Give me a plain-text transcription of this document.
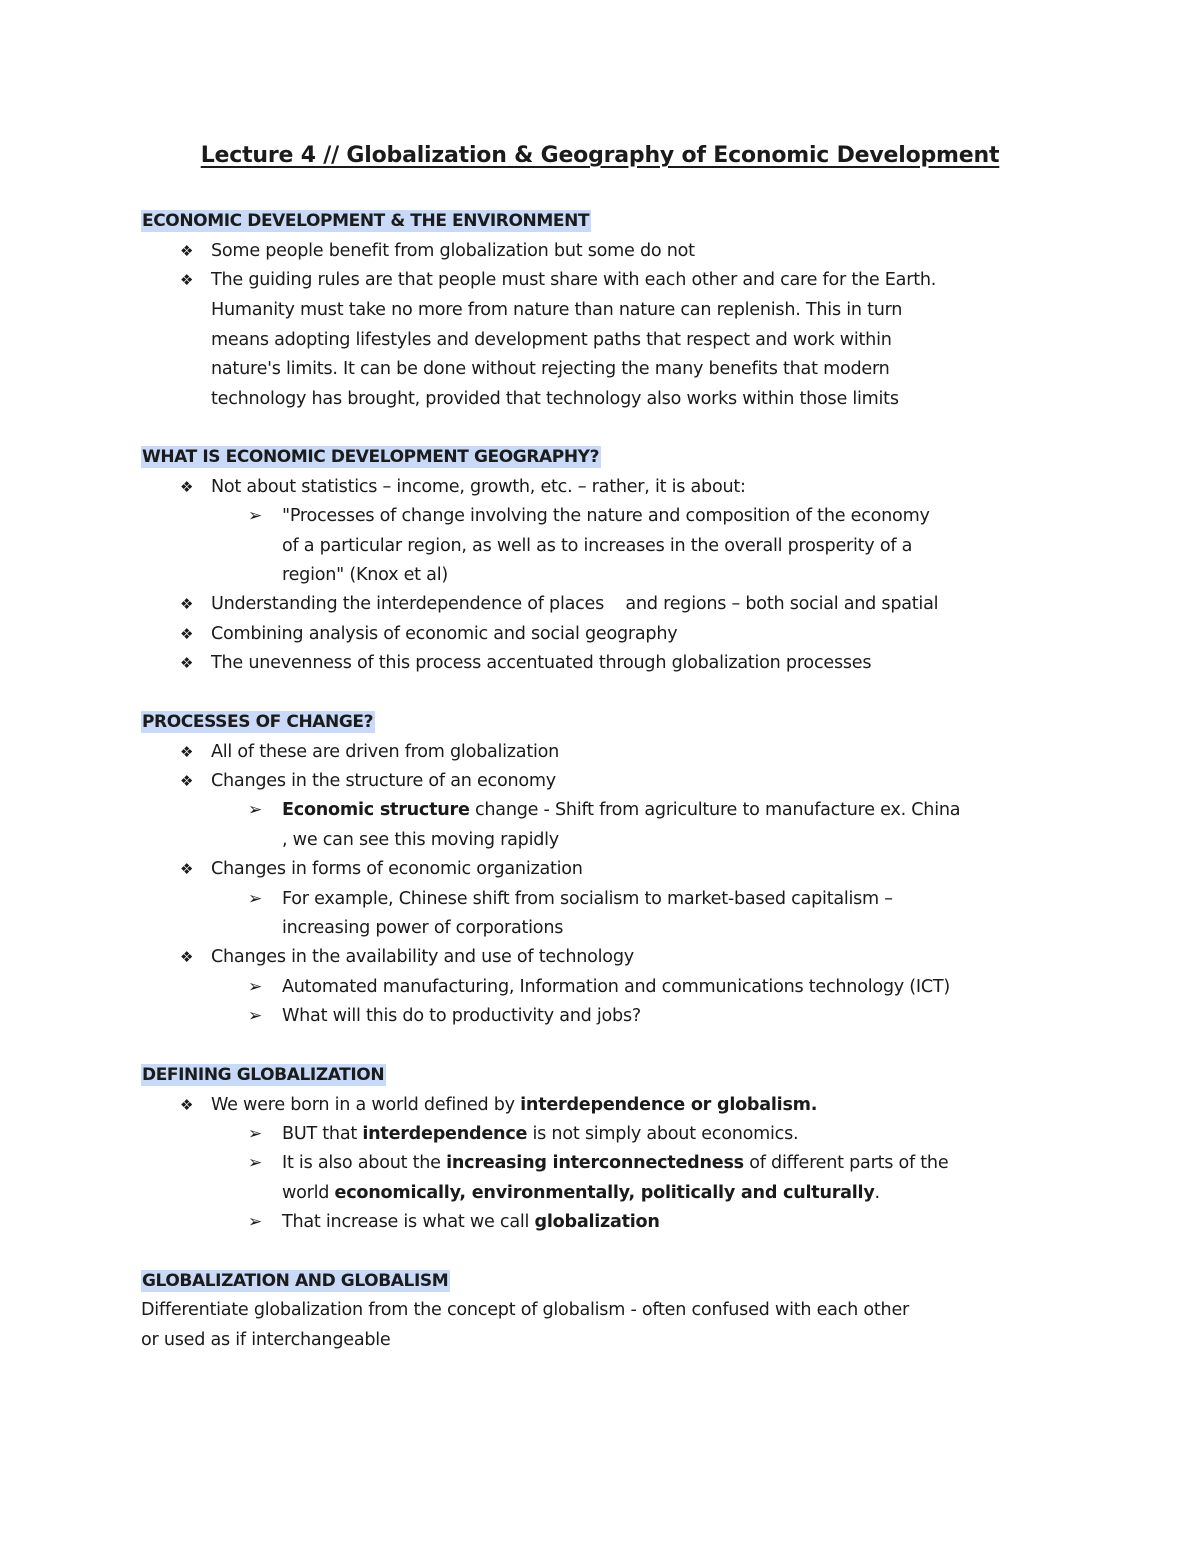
Lecture 4 // Globalization & Geography of Economic Development
ECONOMIC DEVELOPMENT & THE ENVIRONMENT
❖ Some people benefit from globalization but some do not
❖ The guiding rules are that people must share with each other and care for the Earth.
Humanity must take no more from nature than nature can replenish. This in turn
means adopting lifestyles and development paths that respect and work within
nature's limits. It can be done without rejecting the many benefits that modern
technology has brought, provided that technology also works within those limits
WHAT IS ECONOMIC DEVELOPMENT GEOGRAPHY?
❖ Not about statistics – income, growth, etc. – rather, it is about:
➢ "Processes of change involving the nature and composition of the economy
of a particular region, as well as to increases in the overall prosperity of a
region" (Knox et al)
❖ Understanding the interdependence of places    and regions – both social and spatial
❖ Combining analysis of economic and social geography
❖ The unevenness of this process accentuated through globalization processes
PROCESSES OF CHANGE?
❖ All of these are driven from globalization
❖ Changes in the structure of an economy
➢ Economic structure change - Shift from agriculture to manufacture ex. China
, we can see this moving rapidly
❖ Changes in forms of economic organization
➢ For example, Chinese shift from socialism to market-based capitalism –
increasing power of corporations
❖ Changes in the availability and use of technology
➢ Automated manufacturing, Information and communications technology (ICT)
➢ What will this do to productivity and jobs?
DEFINING GLOBALIZATION
❖ We were born in a world defined by interdependence or globalism.
➢ BUT that interdependence is not simply about economics.
➢ It is also about the increasing interconnectedness of different parts of the
world economically, environmentally, politically and culturally.
➢ That increase is what we call globalization
GLOBALIZATION AND GLOBALISM
Differentiate globalization from the concept of globalism - often confused with each other
or used as if interchangeable
